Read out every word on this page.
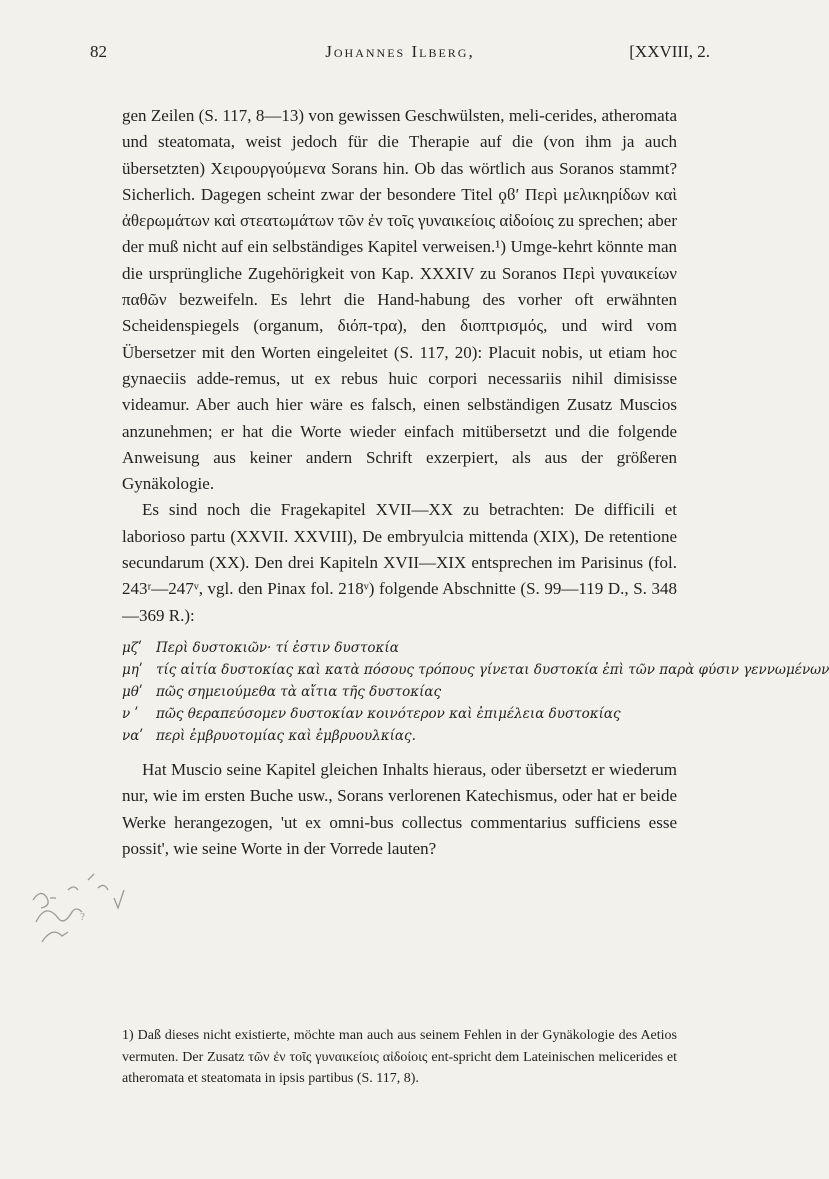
82	Johannes Ilberg,	[XXVIII, 2.

gen Zeilen (S. 117, 8—13) von gewissen Geschwülsten, meli-cerides, atheromata und steatomata, weist jedoch für die Therapie auf die (von ihm ja auch übersetzten) Χειρουργούμενα Sorans hin. Ob das wörtlich aus Soranos stammt? Sicherlich. Dagegen scheint zwar der besondere Titel ϙϐʹ Περὶ μελικηρίδων καὶ ἀθερωμάτων καὶ στεατωμάτων τῶν ἐν τοῖς γυναικείοις αἰδοίοις zu sprechen; aber der muß nicht auf ein selbständiges Kapitel verweisen.¹) Umge-kehrt könnte man die ursprüngliche Zugehörigkeit von Kap. XXXIV zu Soranos Περὶ γυναικείων παθῶν bezweifeln. Es lehrt die Hand-habung des vorher oft erwähnten Scheidenspiegels (organum, διόπ-τρα), den διοπτρισμός, und wird vom Übersetzer mit den Worten eingeleitet (S. 117, 20): Placuit nobis, ut etiam hoc gynaeciis adde-remus, ut ex rebus huic corpori necessariis nihil dimisisse videamur. Aber auch hier wäre es falsch, einen selbständigen Zusatz Muscios anzunehmen; er hat die Worte wieder einfach mitübersetzt und die folgende Anweisung aus keiner andern Schrift exzerpiert, als aus der größeren Gynäkologie.

Es sind noch die Fragekapitel XVII—XX zu betrachten: De difficili et laborioso partu (XXVII. XXVIII), De embryulcia mittenda (XIX), De retentione secundarum (XX). Den drei Kapiteln XVII—XIX entsprechen im Parisinus (fol. 243ʳ—247ᵛ, vgl. den Pinax fol. 218ᵛ) folgende Abschnitte (S. 99—119 D., S. 348—369 R.):

μζʹ Περὶ δυστοκιῶν· τί ἐστιν δυστοκία
μηʹ τίς αἰτία δυστοκίας καὶ κατὰ πόσους τρόπους γίνεται δυστοκία ἐπὶ τῶν παρὰ φύσιν γεννωμένων
μθʹ πῶς σημειούμεθα τὰ αἴτια τῆς δυστοκίας
ν ʹ πῶς θεραπεύσομεν δυστοκίαν κοινότερον καὶ ἐπιμέλεια δυστοκίας
ναʹ περὶ ἐμβρυοτομίας καὶ ἐμβρυουλκίας.

Hat Muscio seine Kapitel gleichen Inhalts hieraus, oder übersetzt er wiederum nur, wie im ersten Buche usw., Sorans verlorenen Katechismus, oder hat er beide Werke herangezogen, 'ut ex omni-bus collectus commentarius sufficiens esse possit', wie seine Worte in der Vorrede lauten?

?
1) Daß dieses nicht existierte, möchte man auch aus seinem Fehlen in der Gynäkologie des Aetios vermuten. Der Zusatz τῶν ἐν τοῖς γυναικείοις αἰδοίοις ent-spricht dem Lateinischen melicerides et atheromata et steatomata in ipsis partibus (S. 117, 8).
